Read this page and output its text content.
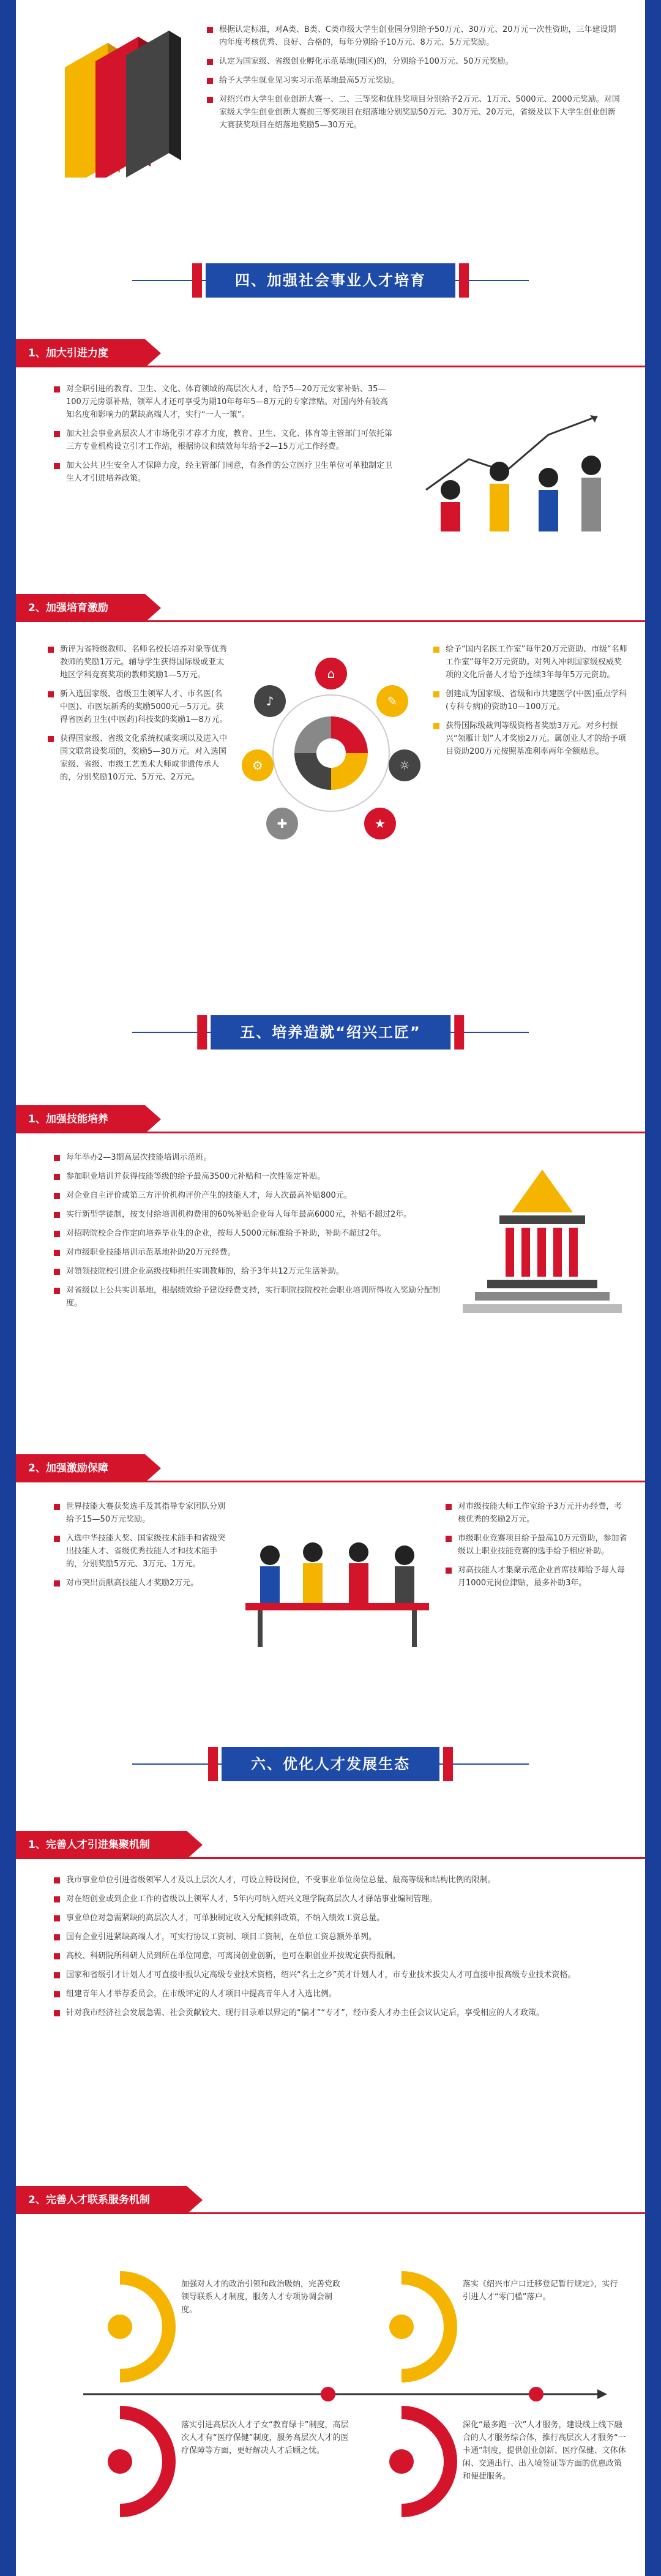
根据认定标准，对A类、B类、C类市级大学生创业园分别给予50万元、30万元、20万元一次性资助，三年建设期内年度考核优秀、良好、合格的，每年分别给予10万元、8万元、5万元奖励。
认定为国家级、省级创业孵化示范基地(园区)的，分别给予100万元、50万元奖励。
给予大学生就业见习实习示范基地最高5万元奖励。
对绍兴市大学生创业创新大赛一、二、三等奖和优胜奖项目分别给予2万元、1万元、5000元、2000元奖励。对国家级大学生创业创新大赛前三等奖项目在绍落地分别奖励50万元、30万元、20万元，省级及以下大学生创业创新大赛获奖项目在绍落地奖励5—30万元。
四、加强社会事业人才培育
1、加大引进力度
对全职引进的教育、卫生、文化、体育领域的高层次人才，给予5—20万元安家补贴、35—100万元房票补贴，领军人才还可享受为期10年每年5—8万元的专家津贴。对国内外有较高知名度和影响力的紧缺高端人才，实行“一人一策”。
加大社会事业高层次人才市场化引才荐才力度，教育、卫生、文化、体育等主管部门可依托第三方专业机构设立引才工作站，根据协议和绩效每年给予2—15万元工作经费。
加大公共卫生安全人才保障力度，经主管部门同意，有条件的公立医疗卫生单位可单独制定卫生人才引进培养政策。
2、加强培育激励
新评为省特级教师、名师名校长培养对象等优秀教师的奖励1万元。辅导学生获得国际级或亚太地区学科竞赛奖项的教师奖励1—5万元。
新入选国家级、省级卫生领军人才、市名医(名中医)、市医坛新秀的奖励5000元—5万元。获得省医药卫生(中医药)科技奖的奖励1—8万元。
获得国家级、省级文化系统权威奖项以及进入中国文联常设奖项的，奖励5—30万元。对入选国家级、省级、市级工艺美术大师或非遗传承人的，分别奖励10万元、5万元、2万元。
⌂
✎
☼
★
✚
⚙
♪
给予“国内名医工作室”每年20万元资助、市级“名师工作室”每年2万元资助。对列入冲刺国家级权威奖项的文化后备人才给予连续3年每年5万元资助。
创建成为国家级、省级和市共建医学(中医)重点学科(专科专病)的资助10—100万元。
获得国际级裁判等级资格者奖励3万元。对乡村振兴“领雁计划”人才奖励2万元。属创业人才的给予项目资助200万元按照基准利率两年全额贴息。
五、培养造就“绍兴工匠”
1、加强技能培养
每年举办2—3期高层次技能培训示范班。
参加职业培训并获得技能等级的给予最高3500元补贴和一次性鉴定补贴。
对企业自主评价或第三方评价机构评价产生的技能人才，每人次最高补贴800元。
实行新型学徒制，按支付给培训机构费用的60%补贴企业每人每年最高6000元，补贴不超过2年。
对招聘院校企合作定向培养毕业生的企业，按每人5000元标准给予补助，补助不超过2年。
对市级职业技能培训示范基地补助20万元经费。
对領领技院校引进企业高级技师担任实训教师的，给予3年共12万元生活补助。
对省级以上公共实训基地，根据绩效给予建设经费支持，实行职院技院校社会职业培训所得收入奖励分配制度。
2、加强激励保障
世界技能大赛获奖选手及其指导专家团队分别给予15—50万元奖励。
入选中华技能大奖、国家级技术能手和省级突出技能人才、省级优秀技能人才和技术能手的，分别奖励5万元、3万元、1万元。
对市突出贡献高技能人才奖励2万元。
对市级技能大师工作室给予3万元开办经费，考核优秀的奖励2万元。
市级职业竞赛项目给予最高10万元资助，参加省级以上职业技能竞赛的选手给予相应补助。
对高技能人才集聚示范企业首席技师给予每人每月1000元岗位津贴，最多补助3年。
六、优化人才发展生态
1、完善人才引进集聚机制
我市事业单位引进省级领军人才及以上层次人才，可设立特设岗位，不受事业单位岗位总量、最高等级和结构比例的限制。
对在绍创业或到企业工作的省级以上领军人才，5年内可纳入绍兴文理学院高层次人才驿站事业编制管理。
事业单位对急需紧缺的高层次人才，可单独制定收入分配倾斜政策，不纳入绩效工资总量。
国有企业引进紧缺高端人才，可实行协议工资制、项目工资制，在单位工资总额外单列。
高校、科研院所科研人员到所在单位同意，可离岗创业创新，也可在职创业并按规定获得报酬。
国家和省级引才计划人才可直接申报认定高级专业技术资格，绍兴“名士之乡”英才计划人才，市专业技术拔尖人才可直接申报高级专业技术资格。
组建青年人才举荐委员会，在市级评定的人才项目中提高青年人才入选比例。
针对我市经济社会发展急需、社会贡献较大、现行目录难以界定的“偏才”“专才”，经市委人才办主任会议认定后，享受相应的人才政策。
2、完善人才联系服务机制
加强对人才的政治引领和政治吸纳，完善党政领导联系人才制度，服务人才专项协调会制度。
落实《绍兴市户口迁移登记暂行规定》，实行引进人才“零门槛”落户。
落实引进高层次人才子女“教育绿卡”制度，高层次人才有“医疗保健”制度，服务高层次人才的医疗保障等方面，更好解决人才后顾之忧。
深化“最多跑一次”人才服务，建设线上线下融合的人才服务综合体，推行高层次人才服务“一卡通”制度，提供创业创新、医疗保健、文体休闲、交通出行、出入境签证等方面的优惠政策和便捷服务。
